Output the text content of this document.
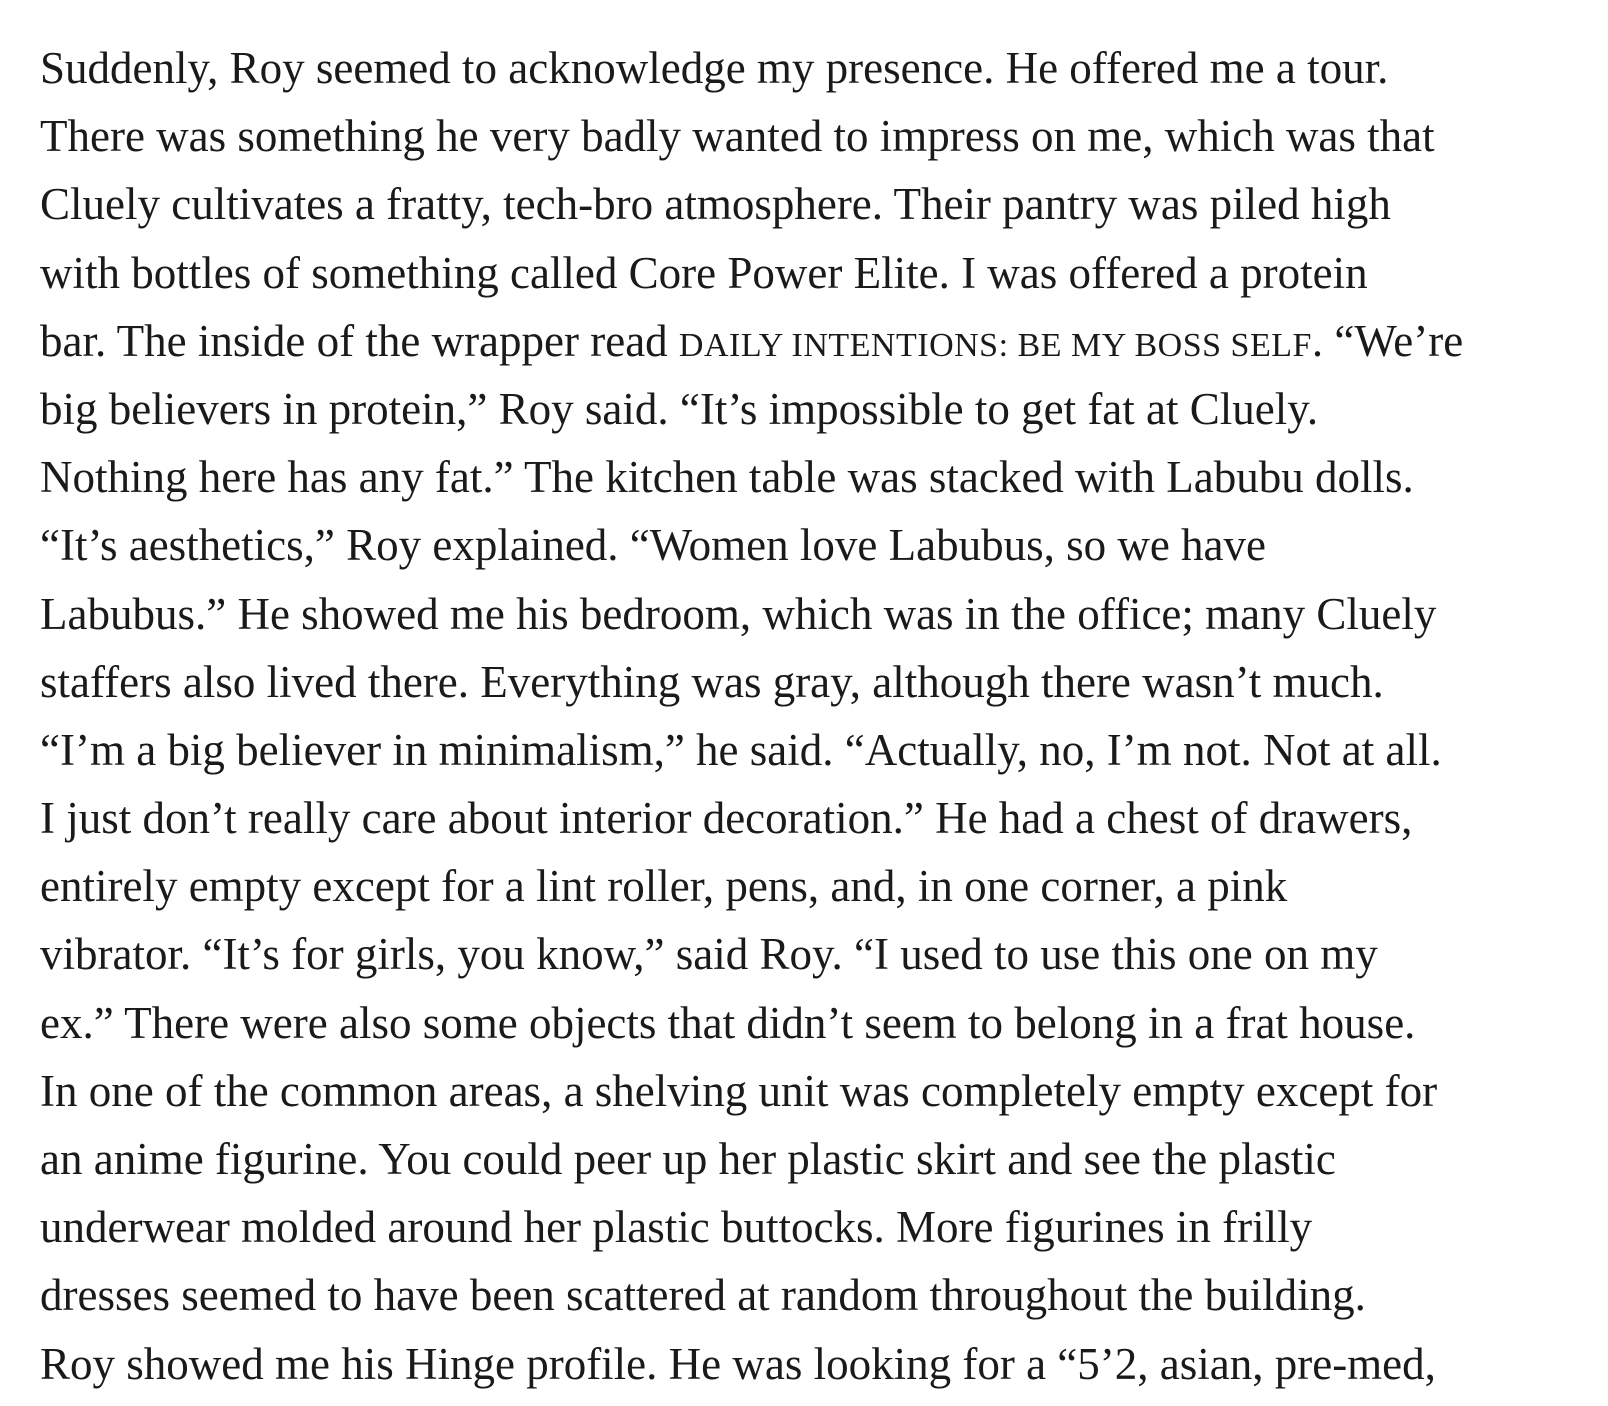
Suddenly, Roy seemed to acknowledge my presence. He offered me a tour.
There was something he very badly wanted to impress on me, which was that
Cluely cultivates a fratty, tech-bro atmosphere. Their pantry was piled high
with bottles of something called Core Power Elite. I was offered a protein
bar. The inside of the wrapper read DAILY INTENTIONS: BE MY BOSS SELF. “We’re
big believers in protein,” Roy said. “It’s impossible to get fat at Cluely.
Nothing here has any fat.” The kitchen table was stacked with Labubu dolls.
“It’s aesthetics,” Roy explained. “Women love Labubus, so we have
Labubus.” He showed me his bedroom, which was in the office; many Cluely
staffers also lived there. Everything was gray, although there wasn’t much.
“I’m a big believer in minimalism,” he said. “Actually, no, I’m not. Not at all.
I just don’t really care about interior decoration.” He had a chest of drawers,
entirely empty except for a lint roller, pens, and, in one corner, a pink
vibrator. “It’s for girls, you know,” said Roy. “I used to use this one on my
ex.” There were also some objects that didn’t seem to belong in a frat house.
In one of the common areas, a shelving unit was completely empty except for
an anime figurine. You could peer up her plastic skirt and see the plastic
underwear molded around her plastic buttocks. More figurines in frilly
dresses seemed to have been scattered at random throughout the building.
Roy showed me his Hinge profile. He was looking for a “5’2, asian, pre-med,
